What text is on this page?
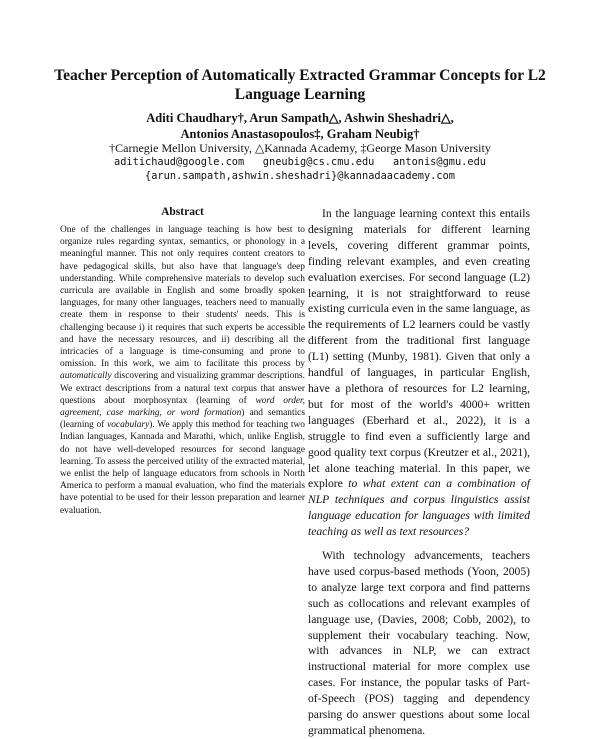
Teacher Perception of Automatically Extracted Grammar Concepts for L2
Language Learning
Aditi Chaudhary†, Arun Sampath△, Ashwin Sheshadri△,
Antonios Anastasopoulos‡, Graham Neubig†
†Carnegie Mellon University, △Kannada Academy, ‡George Mason University
aditichaud@google.com   gneubig@cs.cmu.edu   antonis@gmu.edu
{arun.sampath,ashwin.sheshadri}@kannadaacademy.com
Abstract
One of the challenges in language teaching is how best to organize rules regarding syntax, semantics, or phonology in a meaningful manner. This not only requires content creators to have pedagogical skills, but also have that language's deep understanding. While comprehensive materials to develop such curricula are available in English and some broadly spoken languages, for many other languages, teachers need to manually create them in response to their students' needs. This is challenging because i) it requires that such experts be accessible and have the necessary resources, and ii) describing all the intricacies of a language is time-consuming and prone to omission. In this work, we aim to facilitate this process by automatically discovering and visualizing grammar descriptions. We extract descriptions from a natural text corpus that answer questions about morphosyntax (learning of word order, agreement, case marking, or word formation) and semantics (learning of vocabulary). We apply this method for teaching two Indian languages, Kannada and Marathi, which, unlike English, do not have well-developed resources for second language learning. To assess the perceived utility of the extracted material, we enlist the help of language educators from schools in North America to perform a manual evaluation, who find the materials have potential to be used for their lesson preparation and learner evaluation.

In the language learning context this entails designing materials for different learning levels, covering different grammar points, finding relevant examples, and even creating evaluation exercises. For second language (L2) learning, it is not straightforward to reuse existing curricula even in the same language, as the requirements of L2 learners could be vastly different from the traditional first language (L1) setting (Munby, 1981). Given that only a handful of languages, in particular English, have a plethora of resources for L2 learning, but for most of the world's 4000+ written languages (Eberhard et al., 2022), it is a struggle to find even a sufficiently large and good quality text corpus (Kreutzer et al., 2021), let alone teaching material. In this paper, we explore to what extent can a combination of NLP techniques and corpus linguistics assist language education for languages with limited teaching as well as text resources?

With technology advancements, teachers have used corpus-based methods (Yoon, 2005) to analyze large text corpora and find patterns such as collocations and relevant examples of language use, (Davies, 2008; Cobb, 2002), to supplement their vocabulary teaching. Now, with advances in NLP, we can extract instructional material for more complex use cases. For instance, the popular tasks of Part-of-Speech (POS) tagging and dependency parsing do answer questions about some local grammatical phenomena.
